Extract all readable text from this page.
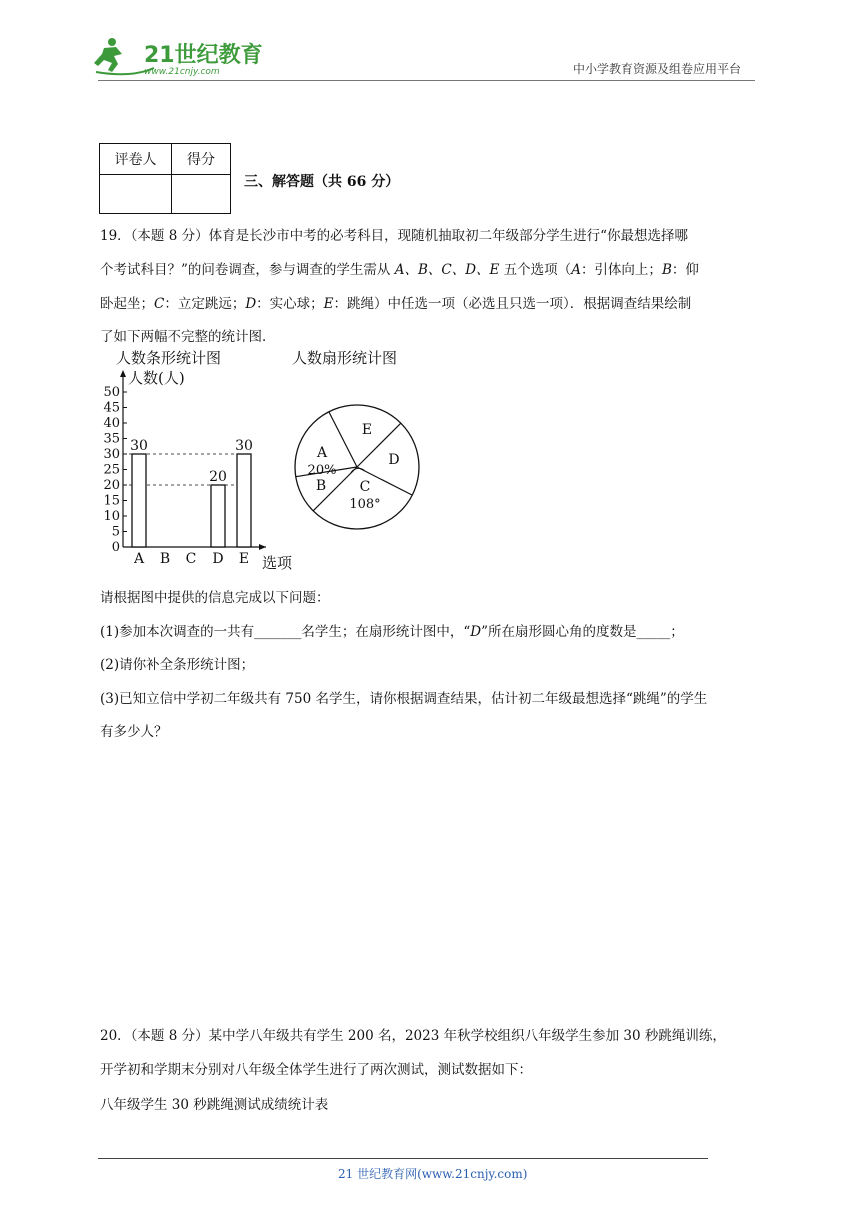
21世纪教育
www.21cnjy.com	中小学教育资源及组卷应用平台
评卷人	得分

三、解答题（共 66 分）
19．（本题 8 分）体育是长沙市中考的必考科目，现随机抽取初二年级部分学生进行“你最想选择哪
个考试科目？”的问卷调查，参与调查的学生需从 A、B、C、D、E 五个选项（A：引体向上；B：仰
卧起坐；C：立定跳远；D：实心球；E：跳绳）中任选一项（必选且只选一项）．根据调查结果绘制
了如下两幅不完整的统计图．
人数条形统计图	人数扇形统计图
人数(人)
选项
0
5
10
15
20
25
30
35
40
45
50
A
30
B C D
20
E
30	A
20%
E
D
C
108°
B
请根据图中提供的信息完成以下问题：
(1)参加本次调查的一共有_______名学生；在扇形统计图中，“D”所在扇形圆心角的度数是_____；
(2)请你补全条形统计图；
(3)已知立信中学初二年级共有 750 名学生，请你根据调查结果，估计初二年级最想选择“跳绳”的学生
有多少人？
20．（本题 8 分）某中学八年级共有学生 200 名，2023 年秋学校组织八年级学生参加 30 秒跳绳训练，
开学初和学期末分别对八年级全体学生进行了两次测试，测试数据如下：
八年级学生 30 秒跳绳测试成绩统计表
21 世纪教育网(www.21cnjy.com)
